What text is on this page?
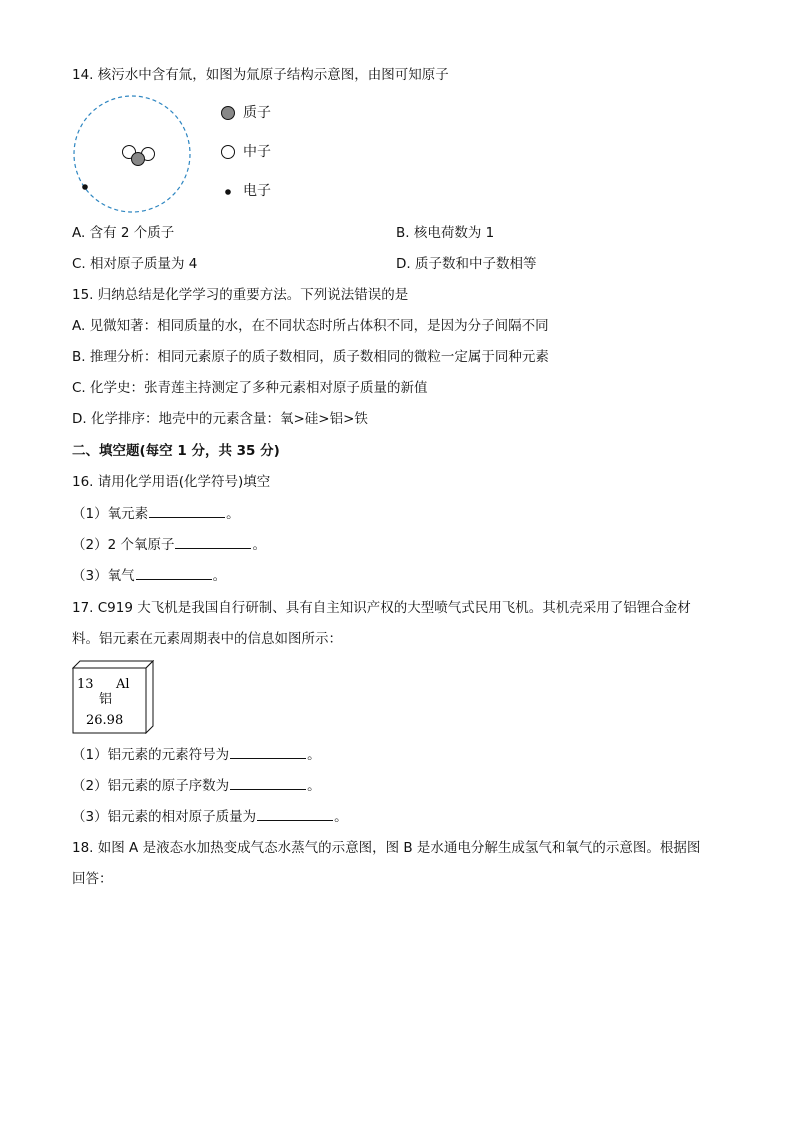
14. 核污水中含有氚，如图为氚原子结构示意图，由图可知原子
质子
中子
电子
A. 含有 2 个质子	B. 核电荷数为 1
C. 相对原子质量为 4	D. 质子数和中子数相等
15. 归纳总结是化学学习的重要方法。下列说法错误的是
A. 见微知著：相同质量的水，在不同状态时所占体积不同，是因为分子间隔不同
B. 推理分析：相同元素原子的质子数相同，质子数相同的微粒一定属于同种元素
C. 化学史：张青莲主持测定了多种元素相对原子质量的新值
D. 化学排序：地壳中的元素含量：氧>硅>铝>铁
二、填空题(每空 1 分，共 35 分)
16. 请用化学用语(化学符号)填空
（1）氧元素	。
（2）2 个氧原子	。
（3）氧气	。
17. C919 大飞机是我国自行研制、具有自主知识产权的大型喷气式民用飞机。其机壳采用了铝锂合金材
料。铝元素在元素周期表中的信息如图所示：
13 Al
铝
26.98
（1）铝元素的元素符号为	。
（2）铝元素的原子序数为	。
（3）铝元素的相对原子质量为	。
18. 如图 A 是液态水加热变成气态水蒸气的示意图，图 B 是水通电分解生成氢气和氧气的示意图。根据图
回答：
